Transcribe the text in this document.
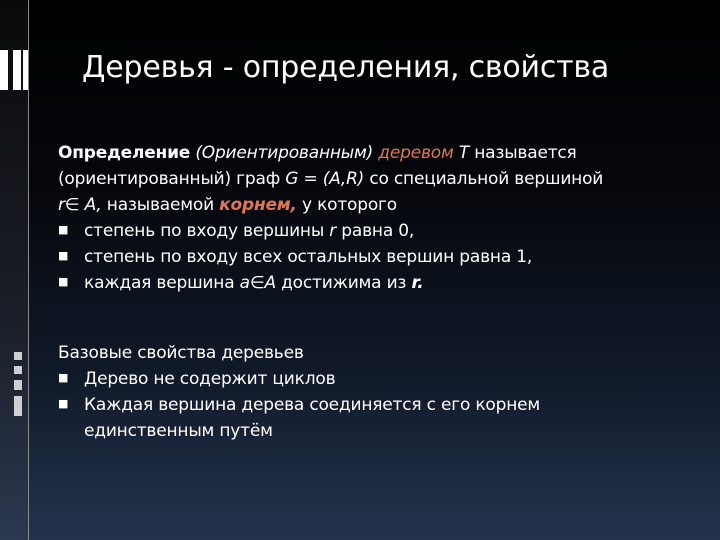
Деревья - определения, свойства
Определение (Ориентированным) деревом T называется
(ориентированный) граф G = (A,R) со специальной вершиной
r∈ A, называемой корнем, у которого
■ степень по входу вершины r равна 0,
■ степень по входу всех остальных вершин равна 1,
■ каждая вершина a∈A достижима из r.
Базовые свойства деревьев
■ Дерево не содержит циклов
■ Каждая вершина дерева соединяется с его корнем единственным путём
